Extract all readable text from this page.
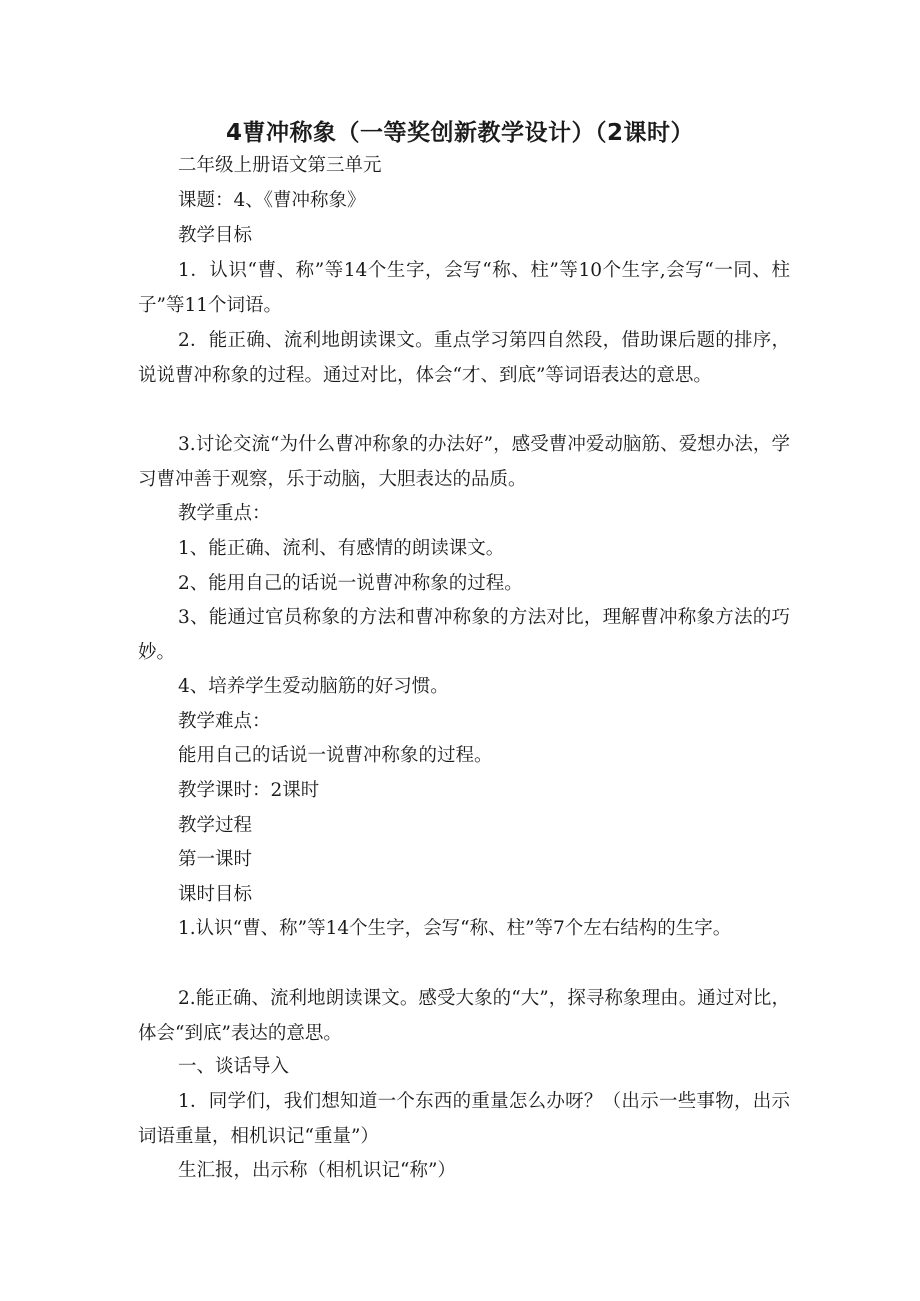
4曹冲称象（一等奖创新教学设计）（2课时）

二年级上册语文第三单元

课题：4、《曹冲称象》

教学目标

1．认识“曹、称”等14个生字，会写“称、柱”等10个生字,会写“一同、柱子”等11个词语。

2．能正确、流利地朗读课文。重点学习第四自然段，借助课后题的排序，说说曹冲称象的过程。通过对比，体会“才、到底”等词语表达的意思。

3.讨论交流“为什么曹冲称象的办法好”，感受曹冲爱动脑筋、爱想办法，学习曹冲善于观察，乐于动脑，大胆表达的品质。

教学重点：

1、能正确、流利、有感情的朗读课文。

2、能用自己的话说一说曹冲称象的过程。

3、能通过官员称象的方法和曹冲称象的方法对比，理解曹冲称象方法的巧妙。

4、培养学生爱动脑筋的好习惯。

教学难点：

能用自己的话说一说曹冲称象的过程。

教学课时：2课时

教学过程

第一课时

课时目标

1.认识“曹、称”等14个生字，会写“称、柱”等7个左右结构的生字。

2.能正确、流利地朗读课文。感受大象的“大”，探寻称象理由。通过对比，体会“到底”表达的意思。

一、谈话导入

1．同学们，我们想知道一个东西的重量怎么办呀？（出示一些事物，出示词语重量，相机识记“重量”）

生汇报，出示称（相机识记“称”）
